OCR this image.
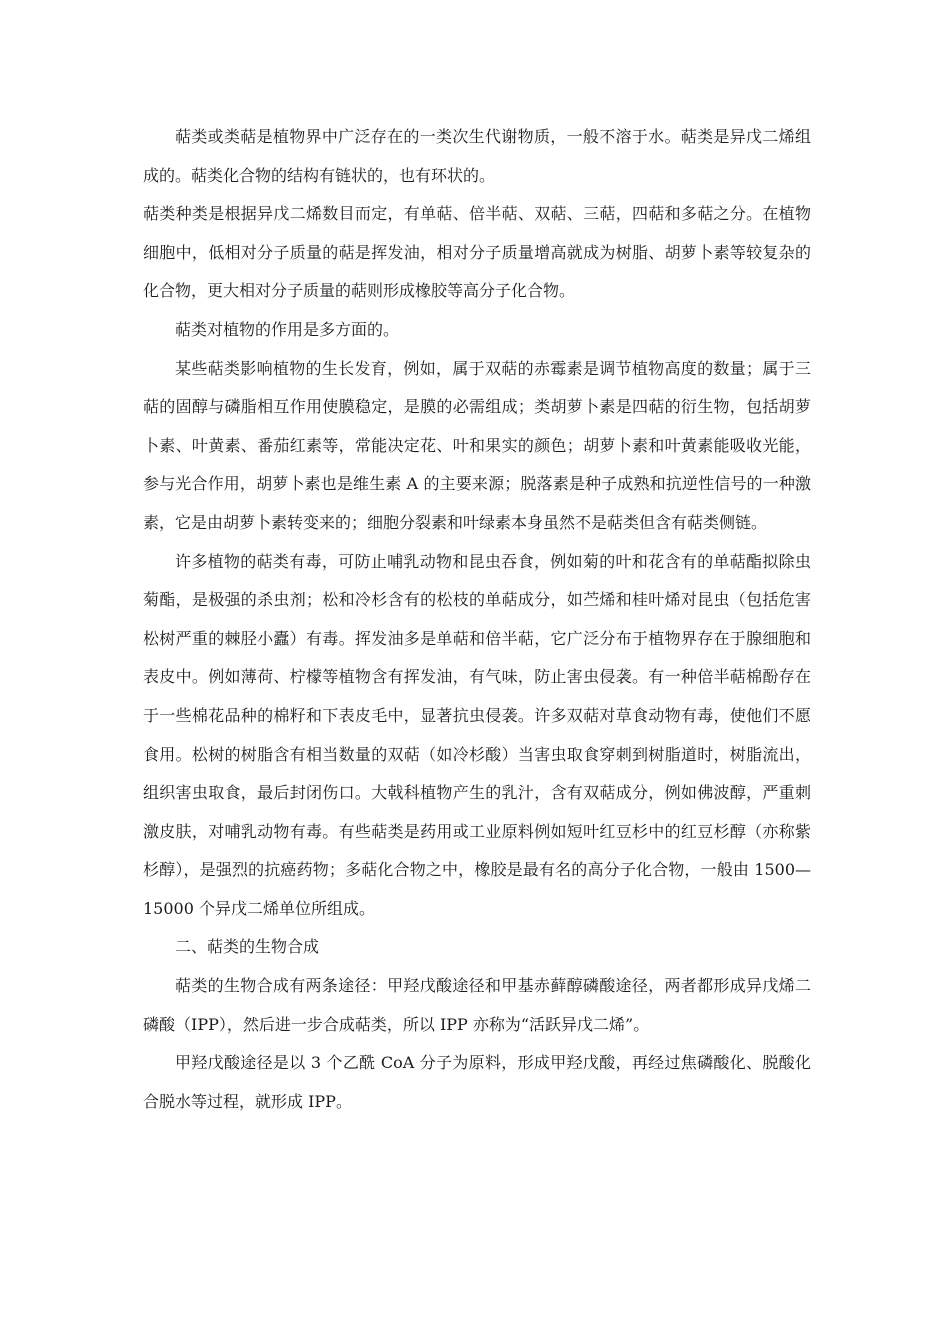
萜类或类萜是植物界中广泛存在的一类次生代谢物质，一般不溶于水。萜类是异戊二烯组成的。萜类化合物的结构有链状的，也有环状的。

萜类种类是根据异戊二烯数目而定，有单萜、倍半萜、双萜、三萜，四萜和多萜之分。在植物细胞中，低相对分子质量的萜是挥发油，相对分子质量增高就成为树脂、胡萝卜素等较复杂的化合物，更大相对分子质量的萜则形成橡胶等高分子化合物。

萜类对植物的作用是多方面的。

某些萜类影响植物的生长发育，例如，属于双萜的赤霉素是调节植物高度的数量；属于三萜的固醇与磷脂相互作用使膜稳定，是膜的必需组成；类胡萝卜素是四萜的衍生物，包括胡萝卜素、叶黄素、番茄红素等，常能决定花、叶和果实的颜色；胡萝卜素和叶黄素能吸收光能，参与光合作用，胡萝卜素也是维生素 A 的主要来源；脱落素是种子成熟和抗逆性信号的一种激素，它是由胡萝卜素转变来的；细胞分裂素和叶绿素本身虽然不是萜类但含有萜类侧链。

许多植物的萜类有毒，可防止哺乳动物和昆虫吞食，例如菊的叶和花含有的单萜酯拟除虫菊酯，是极强的杀虫剂；松和冷杉含有的松枝的单萜成分，如苎烯和桂叶烯对昆虫（包括危害松树严重的棘胫小蠹）有毒。挥发油多是单萜和倍半萜，它广泛分布于植物界存在于腺细胞和表皮中。例如薄荷、柠檬等植物含有挥发油，有气味，防止害虫侵袭。有一种倍半萜棉酚存在于一些棉花品种的棉籽和下表皮毛中，显著抗虫侵袭。许多双萜对草食动物有毒，使他们不愿食用。松树的树脂含有相当数量的双萜（如冷杉酸）当害虫取食穿刺到树脂道时，树脂流出，组织害虫取食，最后封闭伤口。大戟科植物产生的乳汁，含有双萜成分，例如佛波醇，严重刺激皮肤，对哺乳动物有毒。有些萜类是药用或工业原料例如短叶红豆杉中的红豆杉醇（亦称紫杉醇），是强烈的抗癌药物；多萜化合物之中，橡胶是最有名的高分子化合物，一般由 1500—15000 个异戊二烯单位所组成。

二、萜类的生物合成

萜类的生物合成有两条途径：甲羟戊酸途径和甲基赤藓醇磷酸途径，两者都形成异戊烯二磷酸（IPP），然后进一步合成萜类，所以 IPP 亦称为“活跃异戊二烯”。

甲羟戊酸途径是以 3 个乙酰 CoA 分子为原料，形成甲羟戊酸，再经过焦磷酸化、脱酸化合脱水等过程，就形成 IPP。
